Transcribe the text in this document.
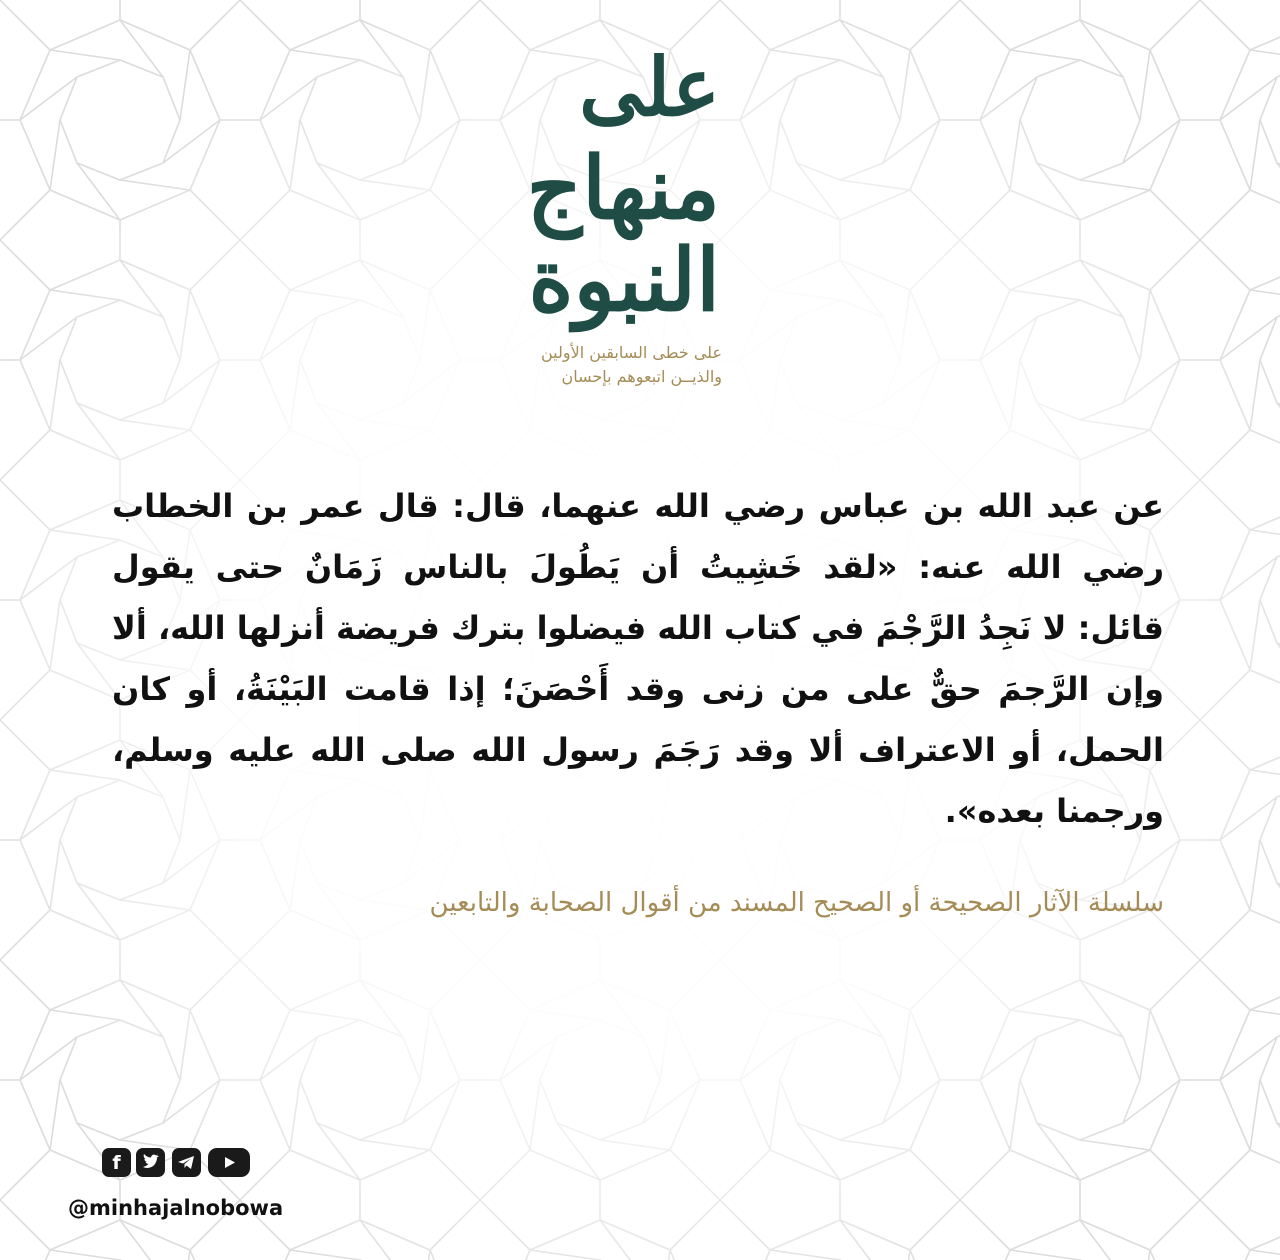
على
منهاج
النبوة
على خطى السابقين الأولين
والذيــن اتبعوهم بإحسان
عن عبد الله بن عباس رضي الله عنهما، قال: قال عمر بن الخطاب رضي الله عنه: «لقد خَشِيتُ أن يَطُولَ بالناس زَمَانٌ حتى يقول قائل: لا نَجِدُ الرَّجْمَ في كتاب الله فيضلوا بترك فريضة أنزلها الله، ألا وإن الرَّجمَ حقٌّ على من زنى وقد أَحْصَنَ؛ إذا قامت البَيْنَةُ، أو كان الحمل، أو الاعتراف ألا وقد رَجَمَ رسول الله صلى الله عليه وسلم، ورجمنا بعده».
سلسلة الآثار الصحيحة أو الصحيح المسند من أقوال الصحابة والتابعين
f
@minhajalnobowa
